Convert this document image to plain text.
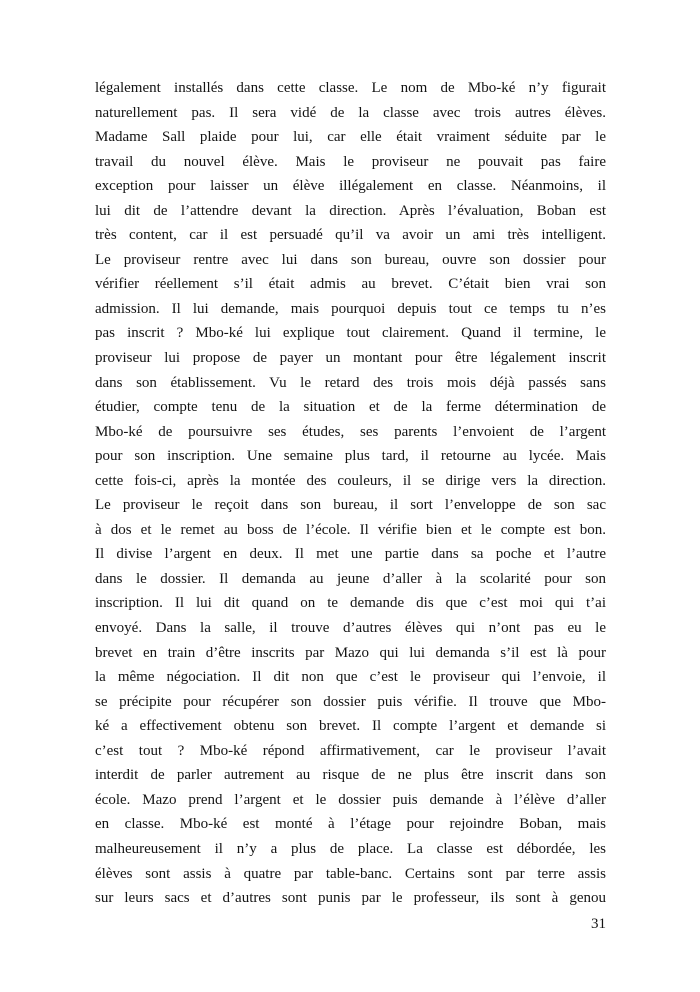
légalement installés dans cette classe. Le nom de Mbo-ké n’y figurait
naturellement pas. Il sera vidé de la classe avec trois autres élèves.
Madame Sall plaide pour lui, car elle était vraiment séduite par le
travail du nouvel élève. Mais le proviseur ne pouvait pas faire
exception pour laisser un élève illégalement en classe. Néanmoins, il
lui dit de l’attendre devant la direction. Après l’évaluation, Boban est
très content, car il est persuadé qu’il va avoir un ami très intelligent.
Le proviseur rentre avec lui dans son bureau, ouvre son dossier pour
vérifier réellement s’il était admis au brevet. C’était bien vrai son
admission. Il lui demande, mais pourquoi depuis tout ce temps tu n’es
pas inscrit ? Mbo-ké lui explique tout clairement. Quand il termine, le
proviseur lui propose de payer un montant pour être légalement inscrit
dans son établissement. Vu le retard des trois mois déjà passés sans
étudier, compte tenu de la situation et de la ferme détermination de
Mbo-ké de poursuivre ses études, ses parents l’envoient de l’argent
pour son inscription. Une semaine plus tard, il retourne au lycée. Mais
cette fois-ci, après la montée des couleurs, il se dirige vers la direction.
Le proviseur le reçoit dans son bureau, il sort l’enveloppe de son sac
à dos et le remet au boss de l’école. Il vérifie bien et le compte est bon.
Il divise l’argent en deux. Il met une partie dans sa poche et l’autre
dans le dossier. Il demanda au jeune d’aller à la scolarité pour son
inscription. Il lui dit quand on te demande dis que c’est moi qui t’ai
envoyé. Dans la salle, il trouve d’autres élèves qui n’ont pas eu le
brevet en train d’être inscrits par Mazo qui lui demanda s’il est là pour
la même négociation. Il dit non que c’est le proviseur qui l’envoie, il
se précipite pour récupérer son dossier puis vérifie. Il trouve que Mbo-
ké a effectivement obtenu son brevet. Il compte l’argent et demande si
c’est tout ? Mbo-ké répond affirmativement, car le proviseur l’avait
interdit de parler autrement au risque de ne plus être inscrit dans son
école. Mazo prend l’argent et le dossier puis demande à l’élève d’aller
en classe. Mbo-ké est monté à l’étage pour rejoindre Boban, mais
malheureusement il n’y a plus de place. La classe est débordée, les
élèves sont assis à quatre par table-banc. Certains sont par terre assis
sur leurs sacs et d’autres sont punis par le professeur, ils sont à genou
31
